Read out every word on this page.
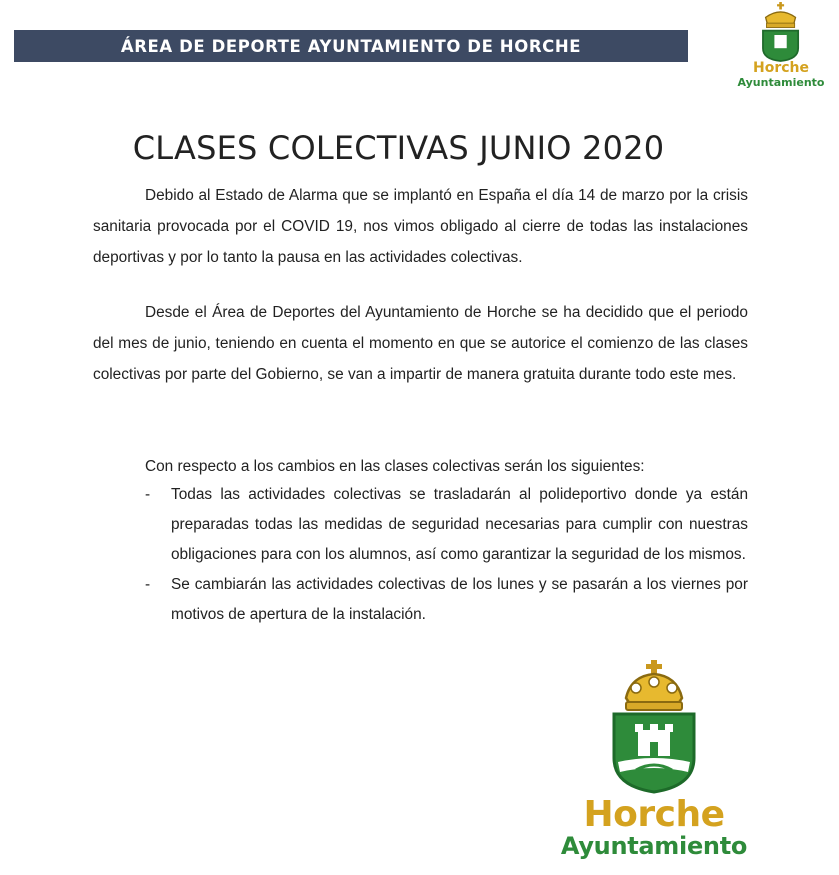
ÁREA DE DEPORTE AYUNTAMIENTO DE HORCHE
Horche
Ayuntamiento
CLASES COLECTIVAS JUNIO 2020

Debido al Estado de Alarma que se implantó en España el día 14 de marzo por la crisis sanitaria provocada por el COVID 19, nos vimos obligado al cierre de todas las instalaciones deportivas y por lo tanto la pausa en las actividades colectivas.

Desde el Área de Deportes del Ayuntamiento de Horche se ha decidido que el periodo del mes de junio, teniendo en cuenta el momento en que se autorice el comienzo de las clases colectivas por parte del Gobierno, se van a impartir de manera gratuita durante todo este mes.

Con respecto a los cambios en las clases colectivas serán los siguientes:
- Todas las actividades colectivas se trasladarán al polideportivo donde ya están preparadas todas las medidas de seguridad necesarias para cumplir con nuestras obligaciones para con los alumnos, así como garantizar la seguridad de los mismos.
- Se cambiarán las actividades colectivas de los lunes y se pasarán a los viernes por motivos de apertura de la instalación.
Horche
Ayuntamiento
